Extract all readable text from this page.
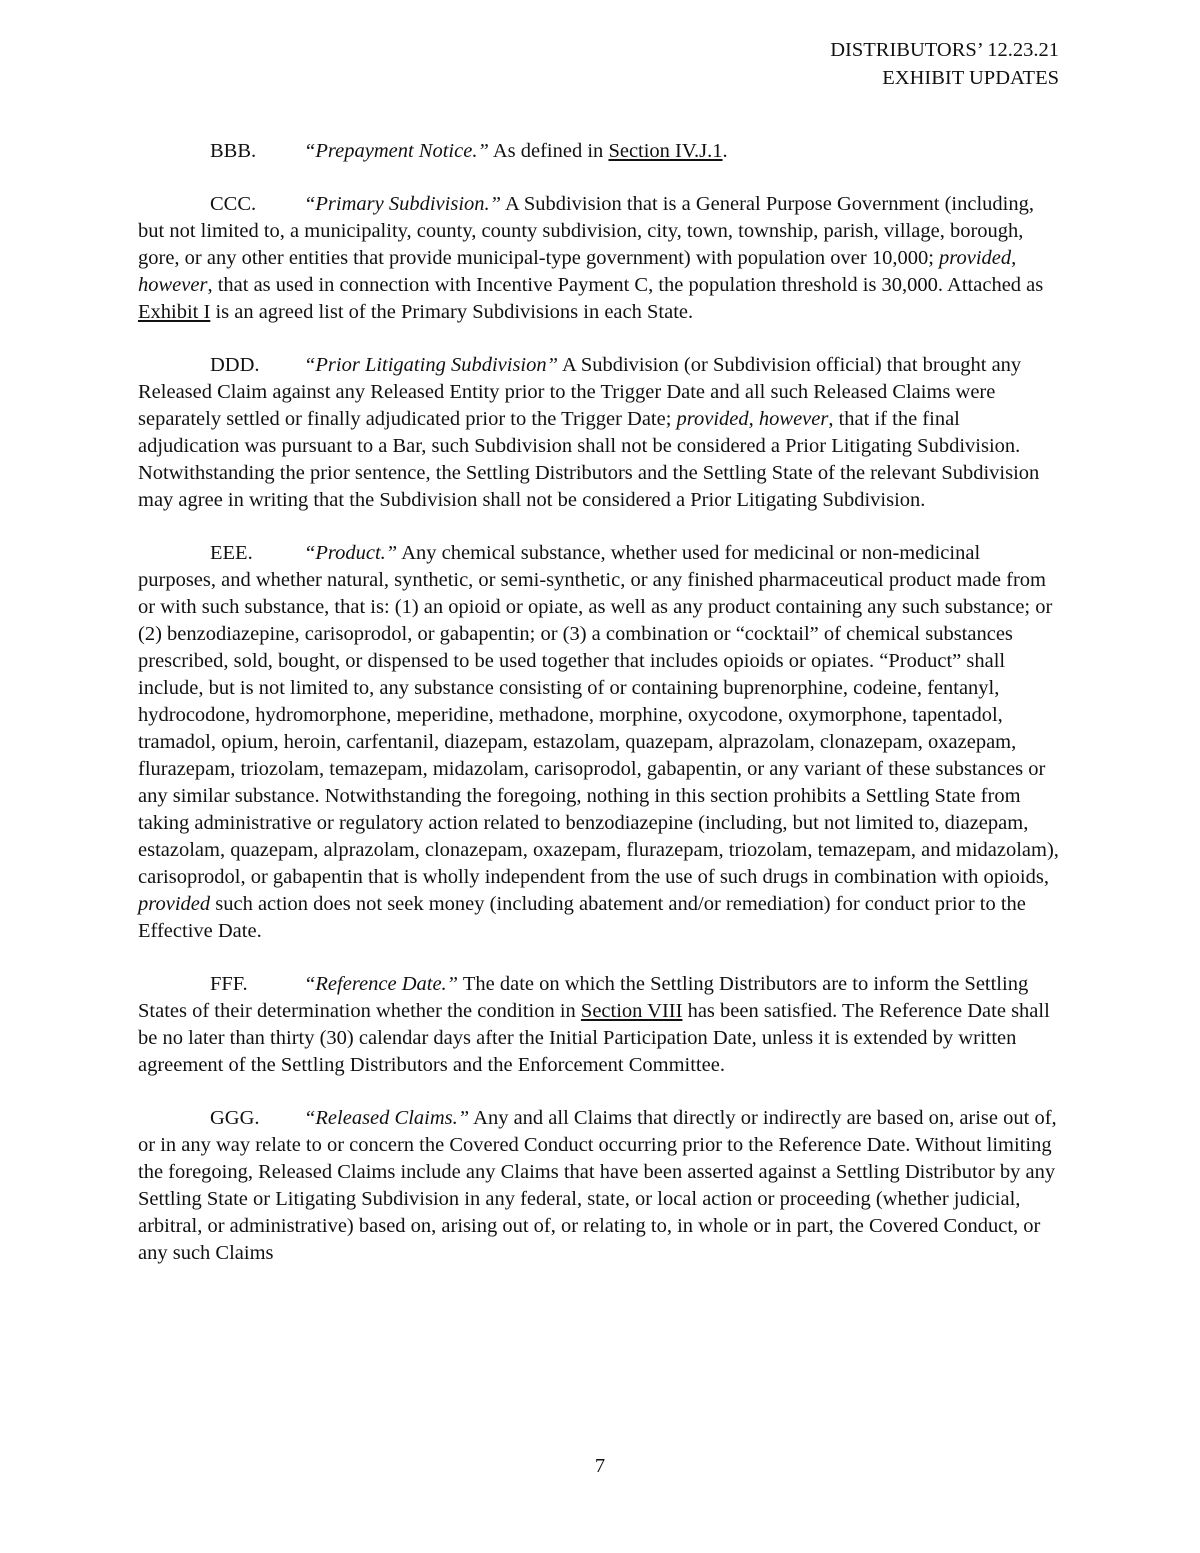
DISTRIBUTORS’ 12.23.21
EXHIBIT UPDATES

BBB. “Prepayment Notice.” As defined in Section IV.J.1.

CCC. “Primary Subdivision.” A Subdivision that is a General Purpose Government (including, but not limited to, a municipality, county, county subdivision, city, town, township, parish, village, borough, gore, or any other entities that provide municipal-type government) with population over 10,000; provided, however, that as used in connection with Incentive Payment C, the population threshold is 30,000. Attached as Exhibit I is an agreed list of the Primary Subdivisions in each State.

DDD. “Prior Litigating Subdivision” A Subdivision (or Subdivision official) that brought any Released Claim against any Released Entity prior to the Trigger Date and all such Released Claims were separately settled or finally adjudicated prior to the Trigger Date; provided, however, that if the final adjudication was pursuant to a Bar, such Subdivision shall not be considered a Prior Litigating Subdivision. Notwithstanding the prior sentence, the Settling Distributors and the Settling State of the relevant Subdivision may agree in writing that the Subdivision shall not be considered a Prior Litigating Subdivision.

EEE.	“Product.” Any chemical substance, whether used for medicinal or non-medicinal purposes, and whether natural, synthetic, or semi-synthetic, or any finished pharmaceutical product made from or with such substance, that is: (1) an opioid or opiate, as well as any product containing any such substance; or (2) benzodiazepine, carisoprodol, or gabapentin; or (3) a combination or “cocktail” of chemical substances prescribed, sold, bought, or dispensed to be used together that includes opioids or opiates. “Product” shall include, but is not limited to, any substance consisting of or containing buprenorphine, codeine, fentanyl, hydrocodone, hydromorphone, meperidine, methadone, morphine, oxycodone, oxymorphone, tapentadol, tramadol, opium, heroin, carfentanil, diazepam, estazolam, quazepam, alprazolam, clonazepam, oxazepam, flurazepam, triozolam, temazepam, midazolam, carisoprodol, gabapentin, or any variant of these substances or any similar substance. Notwithstanding the foregoing, nothing in this section prohibits a Settling State from taking administrative or regulatory action related to benzodiazepine (including, but not limited to, diazepam, estazolam, quazepam, alprazolam, clonazepam, oxazepam, flurazepam, triozolam, temazepam, and midazolam), carisoprodol, or gabapentin that is wholly independent from the use of such drugs in combination with opioids, provided such action does not seek money (including abatement and/or remediation) for conduct prior to the Effective Date.

FFF.	“Reference Date.” The date on which the Settling Distributors are to inform the Settling States of their determination whether the condition in Section VIII has been satisfied. The Reference Date shall be no later than thirty (30) calendar days after the Initial Participation Date, unless it is extended by written agreement of the Settling Distributors and the Enforcement Committee.

GGG. “Released Claims.” Any and all Claims that directly or indirectly are based on, arise out of, or in any way relate to or concern the Covered Conduct occurring prior to the Reference Date. Without limiting the foregoing, Released Claims include any Claims that have been asserted against a Settling Distributor by any Settling State or Litigating Subdivision in any federal, state, or local action or proceeding (whether judicial, arbitral, or administrative) based on, arising out of, or relating to, in whole or in part, the Covered Conduct, or any such Claims

7
